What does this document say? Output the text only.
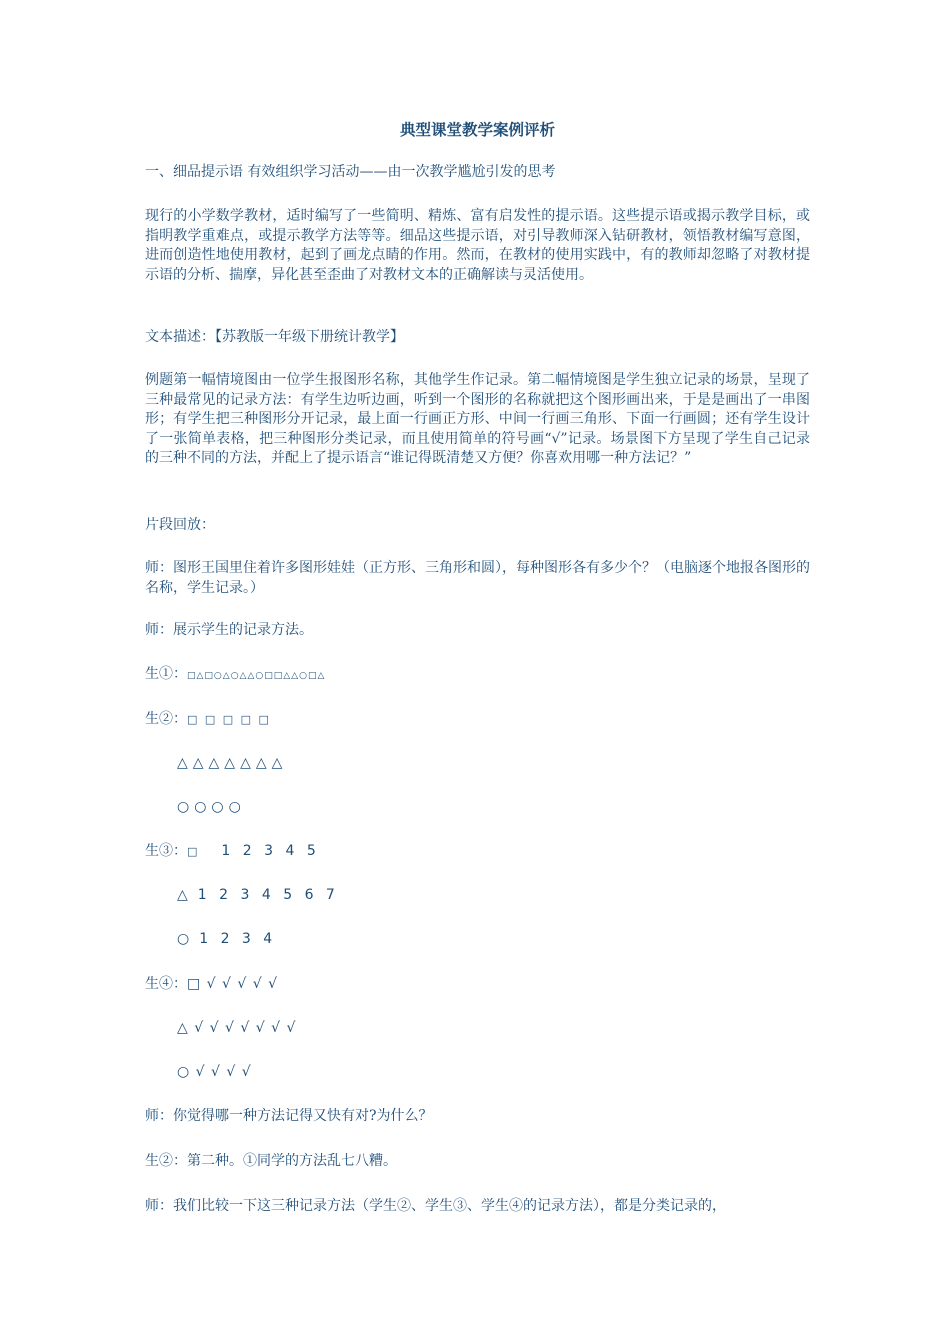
典型课堂教学案例评析
一、细品提示语 有效组织学习活动——由一次教学尴尬引发的思考
现行的小学数学教材，适时编写了一些简明、精炼、富有启发性的提示语。这些提示语或揭示教学目标，或指明教学重难点，或提示教学方法等等。细品这些提示语，对引导教师深入钻研教材，领悟教材编写意图，进而创造性地使用教材，起到了画龙点睛的作用。然而，在教材的使用实践中，有的教师却忽略了对教材提示语的分析、揣摩，异化甚至歪曲了对教材文本的正确解读与灵活使用。
文本描述：【苏教版一年级下册统计教学】
例题第一幅情境图由一位学生报图形名称，其他学生作记录。第二幅情境图是学生独立记录的场景，呈现了三种最常见的记录方法：有学生边听边画，听到一个图形的名称就把这个图形画出来，于是是画出了一串图形；有学生把三种图形分开记录，最上面一行画正方形、中间一行画三角形、下面一行画圆；还有学生设计了一张简单表格，把三种图形分类记录，而且使用简单的符号画“√”记录。场景图下方呈现了学生自己记录的三种不同的方法，并配上了提示语言“谁记得既清楚又方便？你喜欢用哪一种方法记？”
片段回放：
师：图形王国里住着许多图形娃娃（正方形、三角形和圆），每种图形各有多少个？（电脑逐个地报各图形的名称，学生记录。）
师：展示学生的记录方法。
生①：□△□○△○△△○□□△△○□△
生②：□ □ □ □ □
△△△△△△△
○○○○
生③：□ 1 2 3 4 5
△ 1 2 3 4 5 6 7
○ 1 2 3 4
生④：□ √ √ √ √ √
△ √ √ √ √ √ √ √
○ √ √ √ √
师：你觉得哪一种方法记得又快有对?为什么？
生②：第二种。①同学的方法乱七八糟。
师：我们比较一下这三种记录方法（学生②、学生③、学生④的记录方法），都是分类记录的，
